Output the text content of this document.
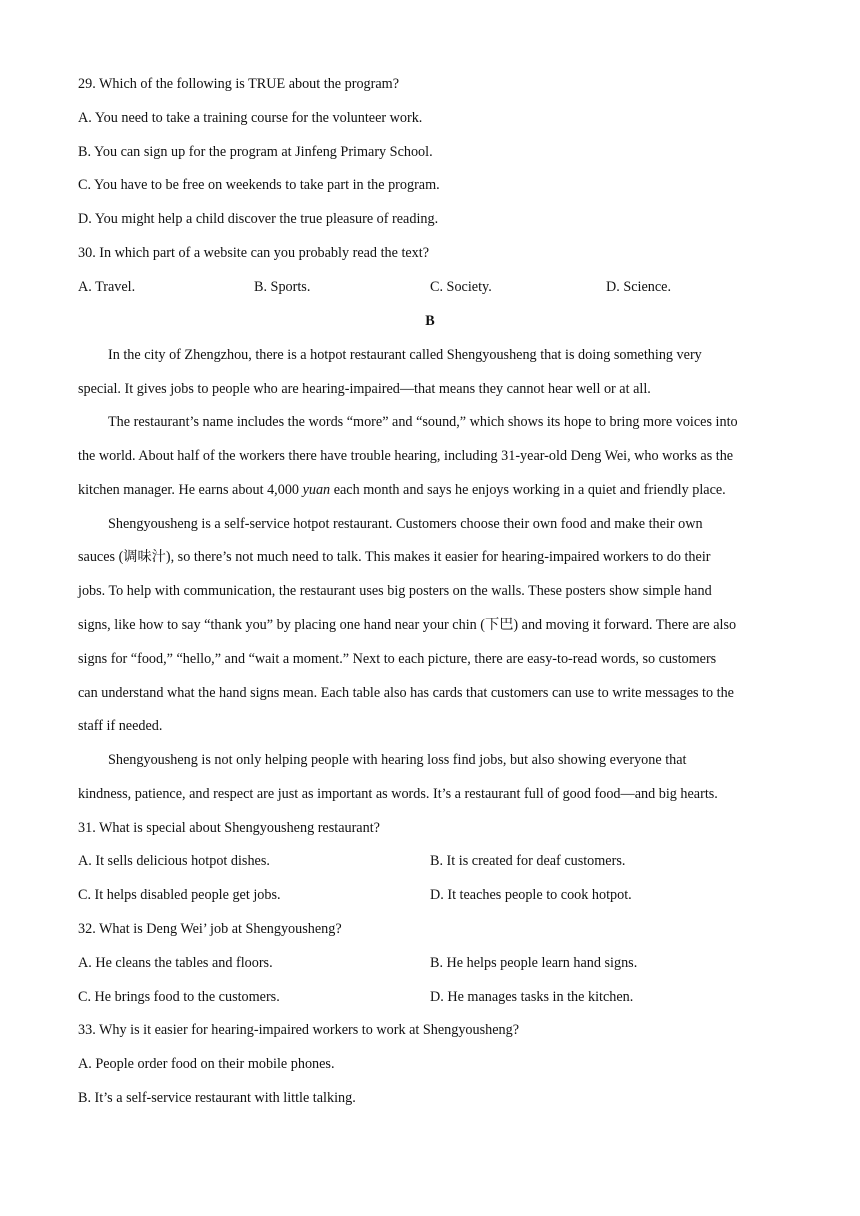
29. Which of the following is TRUE about the program?
A. You need to take a training course for the volunteer work.
B. You can sign up for the program at Jinfeng Primary School.
C. You have to be free on weekends to take part in the program.
D. You might help a child discover the true pleasure of reading.
30. In which part of a website can you probably read the text?
A. Travel.	B. Sports.	C. Society.	D. Science.
B
In the city of Zhengzhou, there is a hotpot restaurant called Shengyousheng that is doing something very
special. It gives jobs to people who are hearing-impaired—that means they cannot hear well or at all.
The restaurant’s name includes the words “more” and “sound,” which shows its hope to bring more voices into
the world. About half of the workers there have trouble hearing, including 31-year-old Deng Wei, who works as the
kitchen manager. He earns about 4,000 yuan each month and says he enjoys working in a quiet and friendly place.
Shengyousheng is a self-service hotpot restaurant. Customers choose their own food and make their own
sauces (调味汁), so there’s not much need to talk. This makes it easier for hearing-impaired workers to do their
jobs. To help with communication, the restaurant uses big posters on the walls. These posters show simple hand
signs, like how to say “thank you” by placing one hand near your chin (下巴) and moving it forward. There are also
signs for “food,” “hello,” and “wait a moment.” Next to each picture, there are easy-to-read words, so customers
can understand what the hand signs mean. Each table also has cards that customers can use to write messages to the
staff if needed.
Shengyousheng is not only helping people with hearing loss find jobs, but also showing everyone that
kindness, patience, and respect are just as important as words. It’s a restaurant full of good food—and big hearts.
31. What is special about Shengyousheng restaurant?
A. It sells delicious hotpot dishes.	B. It is created for deaf customers.
C. It helps disabled people get jobs.	D. It teaches people to cook hotpot.
32. What is Deng Wei’ job at Shengyousheng?
A. He cleans the tables and floors.	B. He helps people learn hand signs.
C. He brings food to the customers.	D. He manages tasks in the kitchen.
33. Why is it easier for hearing-impaired workers to work at Shengyousheng?
A. People order food on their mobile phones.
B. It’s a self-service restaurant with little talking.
